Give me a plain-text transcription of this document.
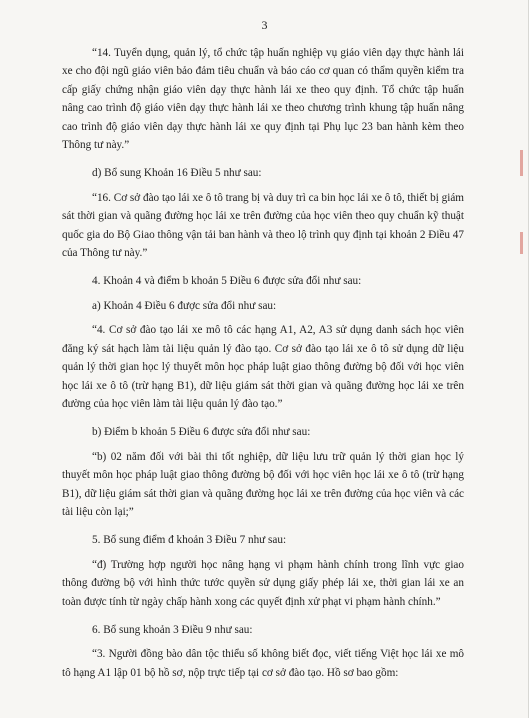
3

“14. Tuyển dụng, quản lý, tổ chức tập huấn nghiệp vụ giáo viên dạy thực hành lái xe cho đội ngũ giáo viên bảo đảm tiêu chuẩn và báo cáo cơ quan có thẩm quyền kiểm tra cấp giấy chứng nhận giáo viên dạy thực hành lái xe theo quy định. Tổ chức tập huấn nâng cao trình độ giáo viên dạy thực hành lái xe theo chương trình khung tập huấn nâng cao trình độ giáo viên dạy thực hành lái xe quy định tại Phụ lục 23 ban hành kèm theo Thông tư này.”

d) Bổ sung Khoản 16 Điều 5 như sau:

“16. Cơ sở đào tạo lái xe ô tô trang bị và duy trì ca bin học lái xe ô tô, thiết bị giám sát thời gian và quãng đường học lái xe trên đường của học viên theo quy chuẩn kỹ thuật quốc gia do Bộ Giao thông vận tải ban hành và theo lộ trình quy định tại khoản 2 Điều 47 của Thông tư này.”

4. Khoản 4 và điểm b khoản 5 Điều 6 được sửa đổi như sau:

a) Khoản 4 Điều 6 được sửa đổi như sau:

“4. Cơ sở đào tạo lái xe mô tô các hạng A1, A2, A3 sử dụng danh sách học viên đăng ký sát hạch làm tài liệu quản lý đào tạo. Cơ sở đào tạo lái xe ô tô sử dụng dữ liệu quản lý thời gian học lý thuyết môn học pháp luật giao thông đường bộ đối với học viên học lái xe ô tô (trừ hạng B1), dữ liệu giám sát thời gian và quãng đường học lái xe trên đường của học viên làm tài liệu quản lý đào tạo.”

b) Điểm b khoản 5 Điều 6 được sửa đổi như sau:

“b) 02 năm đối với bài thi tốt nghiệp, dữ liệu lưu trữ quản lý thời gian học lý thuyết môn học pháp luật giao thông đường bộ đối với học viên học lái xe ô tô (trừ hạng B1), dữ liệu giám sát thời gian và quãng đường học lái xe trên đường của học viên và các tài liệu còn lại;”

5. Bổ sung điểm đ khoản 3 Điều 7 như sau:

“đ) Trường hợp người học nâng hạng vi phạm hành chính trong lĩnh vực giao thông đường bộ với hình thức tước quyền sử dụng giấy phép lái xe, thời gian lái xe an toàn được tính từ ngày chấp hành xong các quyết định xử phạt vi phạm hành chính.”

6. Bổ sung khoản 3 Điều 9 như sau:

“3. Người đồng bào dân tộc thiểu số không biết đọc, viết tiếng Việt học lái xe mô tô hạng A1 lập 01 bộ hồ sơ, nộp trực tiếp tại cơ sở đào tạo. Hồ sơ bao gồm:
